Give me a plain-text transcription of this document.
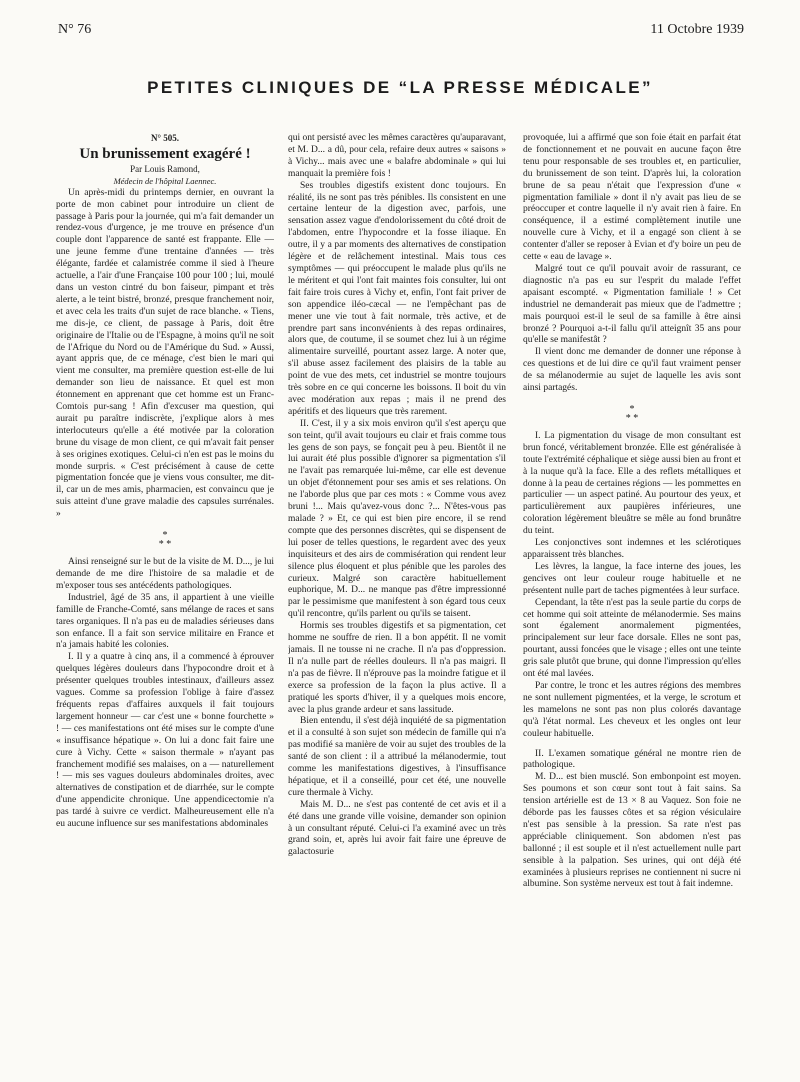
N° 76	11 Octobre 1939
PETITES CLINIQUES DE “LA PRESSE MÉDICALE”

N° 505.

Un brunissement exagéré !

Par Louis Ramond,

Médecin de l'hôpital Laennec.

Un après-midi du printemps dernier, en ouvrant la porte de mon cabinet pour introduire un client de passage à Paris pour la journée, qui m'a fait demander un rendez-vous d'urgence, je me trouve en présence d'un couple dont l'apparence de santé est frappante. Elle — une jeune femme d'une trentaine d'années — très élégante, fardée et calamistrée comme il sied à l'heure actuelle, a l'air d'une Française 100 pour 100 ; lui, moulé dans un veston cintré du bon faiseur, pimpant et très alerte, a le teint bistré, bronzé, presque franchement noir, et avec cela les traits d'un sujet de race blanche. « Tiens, me dis-je, ce client, de passage à Paris, doit être originaire de l'Italie ou de l'Espagne, à moins qu'il ne soit de l'Afrique du Nord ou de l'Amérique du Sud. » Aussi, ayant appris que, de ce ménage, c'est bien le mari qui vient me consulter, ma première question est-elle de lui demander son lieu de naissance. Et quel est mon étonnement en apprenant que cet homme est un Franc-Comtois pur-sang ! Afin d'excuser ma question, qui aurait pu paraître indiscrète, j'explique alors à mes interlocuteurs qu'elle a été motivée par la coloration brune du visage de mon client, ce qui m'avait fait penser à ses origines exotiques. Celui-ci n'en est pas le moins du monde surpris. « C'est précisément à cause de cette pigmentation foncée que je viens vous consulter, me dit-il, car un de mes amis, pharmacien, est convaincu que je suis atteint d'une grave maladie des capsules surrénales. »

*
* *

Ainsi renseigné sur le but de la visite de M. D..., je lui demande de me dire l'histoire de sa maladie et de m'exposer tous ses antécédents pathologiques.

Industriel, âgé de 35 ans, il appartient à une vieille famille de Franche-Comté, sans mélange de races et sans tares organiques. Il n'a pas eu de maladies sérieuses dans son enfance. Il a fait son service militaire en France et n'a jamais habité les colonies.

I. Il y a quatre à cinq ans, il a commencé à éprouver quelques légères douleurs dans l'hypocondre droit et à présenter quelques troubles intestinaux, d'ailleurs assez vagues. Comme sa profession l'oblige à faire d'assez fréquents repas d'affaires auxquels il fait toujours largement honneur — car c'est une « bonne fourchette » ! — ces manifestations ont été mises sur le compte d'une « insuffisance hépatique ». On lui a donc fait faire une cure à Vichy. Cette « saison thermale » n'ayant pas franchement modifié ses malaises, on a — naturellement ! — mis ses vagues douleurs abdominales droites, avec alternatives de constipation et de diarrhée, sur le compte d'une appendicite chronique. Une appendicectomie n'a pas tardé à suivre ce verdict. Malheureusement elle n'a eu aucune influence sur ses manifestations abdominales

qui ont persisté avec les mêmes caractères qu'auparavant, et M. D... a dû, pour cela, refaire deux autres « saisons » à Vichy... mais avec une « balafre abdominale » qui lui manquait la première fois !

Ses troubles digestifs existent donc toujours. En réalité, ils ne sont pas très pénibles. Ils consistent en une certaine lenteur de la digestion avec, parfois, une sensation assez vague d'endolorissement du côté droit de l'abdomen, entre l'hypocondre et la fosse iliaque. En outre, il y a par moments des alternatives de constipation légère et de relâchement intestinal. Mais tous ces symptômes — qui préoccupent le malade plus qu'ils ne le méritent et qui l'ont fait maintes fois consulter, lui ont fait faire trois cures à Vichy et, enfin, l'ont fait priver de son appendice iléo-cæcal — ne l'empêchant pas de mener une vie tout à fait normale, très active, et de prendre part sans inconvénients à des repas ordinaires, alors que, de coutume, il se soumet chez lui à un régime alimentaire surveillé, pourtant assez large. A noter que, s'il abuse assez facilement des plaisirs de la table au point de vue des mets, cet industriel se montre toujours très sobre en ce qui concerne les boissons. Il boit du vin avec modération aux repas ; mais il ne prend des apéritifs et des liqueurs que très rarement.

II. C'est, il y a six mois environ qu'il s'est aperçu que son teint, qu'il avait toujours eu clair et frais comme tous les gens de son pays, se fonçait peu à peu. Bientôt il ne lui aurait été plus possible d'ignorer sa pigmentation s'il ne l'avait pas remarquée lui-même, car elle est devenue un objet d'étonnement pour ses amis et ses relations. On ne l'aborde plus que par ces mots : « Comme vous avez bruni !... Mais qu'avez-vous donc ?... N'êtes-vous pas malade ? » Et, ce qui est bien pire encore, il se rend compte que des personnes discrètes, qui se dispensent de lui poser de telles questions, le regardent avec des yeux inquisiteurs et des airs de commisération qui rendent leur silence plus éloquent et plus pénible que les paroles des curieux. Malgré son caractère habituellement euphorique, M. D... ne manque pas d'être impressionné par le pessimisme que manifestent à son égard tous ceux qu'il rencontre, qu'ils parlent ou qu'ils se taisent.

Hormis ses troubles digestifs et sa pigmentation, cet homme ne souffre de rien. Il a bon appétit. Il ne vomit jamais. Il ne tousse ni ne crache. Il n'a pas d'oppression. Il n'a nulle part de réelles douleurs. Il n'a pas maigri. Il n'a pas de fièvre. Il n'éprouve pas la moindre fatigue et il exerce sa profession de la façon la plus active. Il a pratiqué les sports d'hiver, il y a quelques mois encore, avec la plus grande ardeur et sans lassitude.

Bien entendu, il s'est déjà inquiété de sa pigmentation et il a consulté à son sujet son médecin de famille qui n'a pas modifié sa manière de voir au sujet des troubles de la santé de son client : il a attribué la mélanodermie, tout comme les manifestations digestives, à l'insuffisance hépatique, et il a conseillé, pour cet été, une nouvelle cure thermale à Vichy.

Mais M. D... ne s'est pas contenté de cet avis et il a été dans une grande ville voisine, demander son opinion à un consultant réputé. Celui-ci l'a examiné avec un très grand soin, et, après lui avoir fait faire une épreuve de galactosurie

provoquée, lui a affirmé que son foie était en parfait état de fonctionnement et ne pouvait en aucune façon être tenu pour responsable de ses troubles et, en particulier, du brunissement de son teint. D'après lui, la coloration brune de sa peau n'était que l'expression d'une « pigmentation familiale » dont il n'y avait pas lieu de se préoccuper et contre laquelle il n'y avait rien à faire. En conséquence, il a estimé complètement inutile une nouvelle cure à Vichy, et il a engagé son client à se contenter d'aller se reposer à Evian et d'y boire un peu de cette « eau de lavage ».

Malgré tout ce qu'il pouvait avoir de rassurant, ce diagnostic n'a pas eu sur l'esprit du malade l'effet apaisant escompté. « Pigmentation familiale ! » Cet industriel ne demanderait pas mieux que de l'admettre ; mais pourquoi est-il le seul de sa famille à être ainsi bronzé ? Pourquoi a-t-il fallu qu'il atteignît 35 ans pour qu'elle se manifestât ?

Il vient donc me demander de donner une réponse à ces questions et de lui dire ce qu'il faut vraiment penser de sa mélanodermie au sujet de laquelle les avis sont ainsi partagés.

*
* *

I. La pigmentation du visage de mon consultant est brun foncé, véritablement bronzée. Elle est généralisée à toute l'extrémité céphalique et siège aussi bien au front et à la nuque qu'à la face. Elle a des reflets métalliques et donne à la peau de certaines régions — les pommettes en particulier — un aspect patiné. Au pourtour des yeux, et particulièrement aux paupières inférieures, une coloration légèrement bleuâtre se mêle au fond brunâtre du teint.

Les conjonctives sont indemnes et les sclérotiques apparaissent très blanches.

Les lèvres, la langue, la face interne des joues, les gencives ont leur couleur rouge habituelle et ne présentent nulle part de taches pigmentées à leur surface.

Cependant, la tête n'est pas la seule partie du corps de cet homme qui soit atteinte de mélanodermie. Ses mains sont également anormalement pigmentées, principalement sur leur face dorsale. Elles ne sont pas, pourtant, aussi foncées que le visage ; elles ont une teinte gris sale plutôt que brune, qui donne l'impression qu'elles ont été mal lavées.

Par contre, le tronc et les autres régions des membres ne sont nullement pigmentées, et la verge, le scrotum et les mamelons ne sont pas non plus colorés davantage qu'à l'état normal. Les cheveux et les ongles ont leur couleur habituelle.

II. L'examen somatique général ne montre rien de pathologique.

M. D... est bien musclé. Son embonpoint est moyen. Ses poumons et son cœur sont tout à fait sains. Sa tension artérielle est de 13 × 8 au Vaquez. Son foie ne déborde pas les fausses côtes et sa région vésiculaire n'est pas sensible à la pression. Sa rate n'est pas appréciable cliniquement. Son abdomen n'est pas ballonné ; il est souple et il n'est actuellement nulle part sensible à la palpation. Ses urines, qui ont déjà été examinées à plusieurs reprises ne contiennent ni sucre ni albumine. Son système nerveux est tout à fait indemne.
